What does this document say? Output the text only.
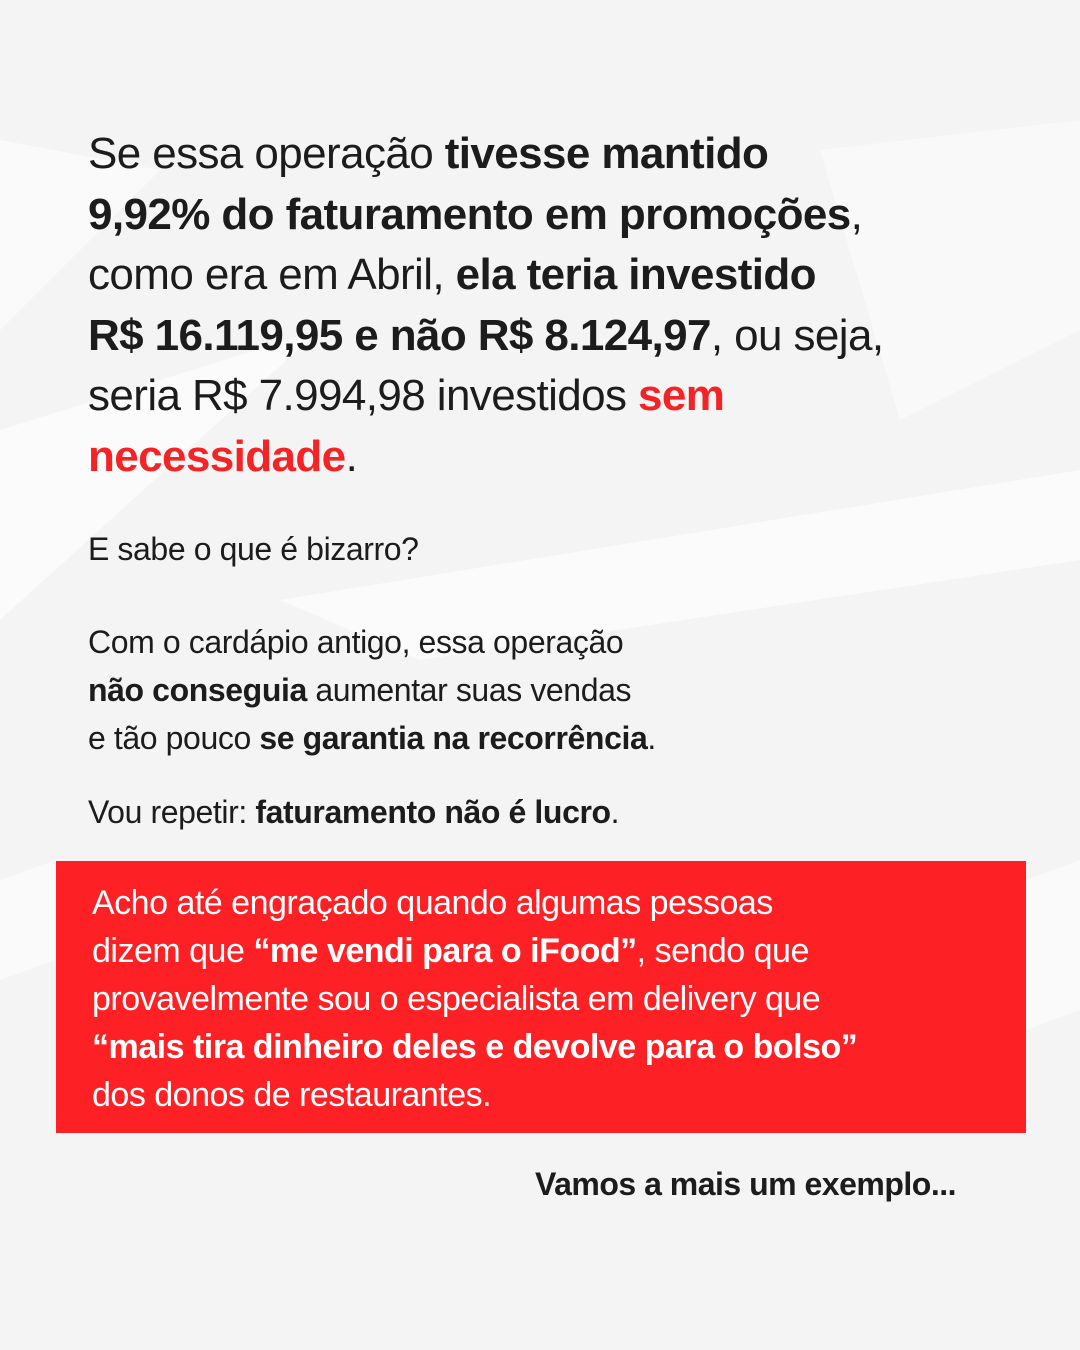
Se essa operação tivesse mantido

9,92% do faturamento em promoções,

como era em Abril, ela teria investido

R$ 16.119,95 e não R$ 8.124,97, ou seja,

seria R$ 7.994,98 investidos sem

necessidade.

E sabe o que é bizarro?

Com o cardápio antigo, essa operação

não conseguia aumentar suas vendas

e tão pouco se garantia na recorrência.

Vou repetir: faturamento não é lucro.

Acho até engraçado quando algumas pessoas

dizem que “me vendi para o iFood”, sendo que

provavelmente sou o especialista em delivery que

“mais tira dinheiro deles e devolve para o bolso”

dos donos de restaurantes.

Vamos a mais um exemplo...
